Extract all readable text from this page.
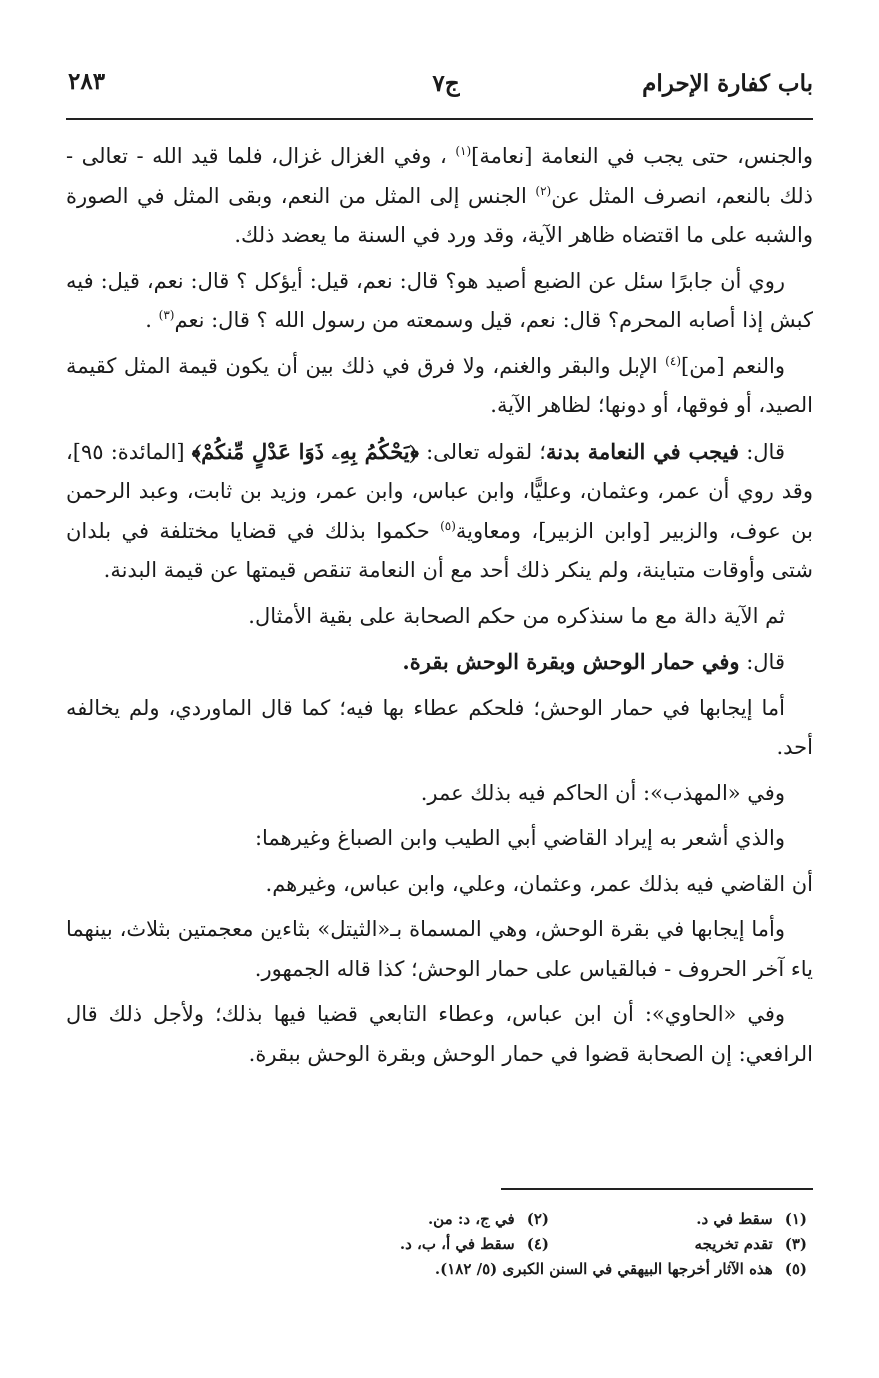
باب كفارة الإحرام
ج٧
٢٨٣

والجنس، حتى يجب في النعامة [نعامة]$^{(١)}$ ، وفي الغزال غزال، فلما قيد الله - تعالى - ذلك بالنعم، انصرف المثل عن$^{(٢)}$ الجنس إلى المثل من النعم، وبقى المثل في الصورة والشبه على ما اقتضاه ظاهر الآية، وقد ورد في السنة ما يعضد ذلك.

روي أن جابرًا سئل عن الضبع أصيد هو؟ قال: نعم، قيل: أيؤكل ؟ قال: نعم، قيل: فيه كبش إذا أصابه المحرم؟ قال: نعم، قيل وسمعته من رسول الله ؟ قال: نعم$^{(٣)}$ .

والنعم [من]$^{(٤)}$ الإبل والبقر والغنم، ولا فرق في ذلك بين أن يكون قيمة المثل كقيمة الصيد، أو فوقها، أو دونها؛ لظاهر الآية.

قال: فيجب في النعامة بدنة؛ لقوله تعالى: ﴿يَحْكُمُ بِهِۦ ذَوَا عَدْلٍ مِّنكُمْ﴾ [المائدة: ٩٥]، وقد روي أن عمر، وعثمان، وعليًّا، وابن عباس، وابن عمر، وزيد بن ثابت، وعبد الرحمن بن عوف، والزبير [وابن الزبير]، ومعاوية$^{(٥)}$ حكموا بذلك في قضايا مختلفة في بلدان شتى وأوقات متباينة، ولم ينكر ذلك أحد مع أن النعامة تنقص قيمتها عن قيمة البدنة.

ثم الآية دالة مع ما سنذكره من حكم الصحابة على بقية الأمثال.

قال: وفي حمار الوحش وبقرة الوحش بقرة.

أما إيجابها في حمار الوحش؛ فلحكم عطاء بها فيه؛ كما قال الماوردي، ولم يخالفه أحد.

وفي «المهذب»: أن الحاكم فيه بذلك عمر.

والذي أشعر به إيراد القاضي أبي الطيب وابن الصباغ وغيرهما:

أن القاضي فيه بذلك عمر، وعثمان، وعلي، وابن عباس، وغيرهم.

وأما إيجابها في بقرة الوحش، وهي المسماة بـ«الثيتل» بثاءين معجمتين بثلاث، بينهما ياء آخر الحروف - فبالقياس على حمار الوحش؛ كذا قاله الجمهور.

وفي «الحاوي»: أن ابن عباس، وعطاء التابعي قضيا فيها بذلك؛ ولأجل ذلك قال الرافعي: إن الصحابة قضوا في حمار الوحش وبقرة الوحش ببقرة.

(١)سقط في د.
(٢)في ج، د: من.
(٣)تقدم تخريجه
(٤)سقط في أ، ب، د.
(٥)هذه الآثار أخرجها البيهقي في السنن الكبرى (٥/ ١٨٢).
